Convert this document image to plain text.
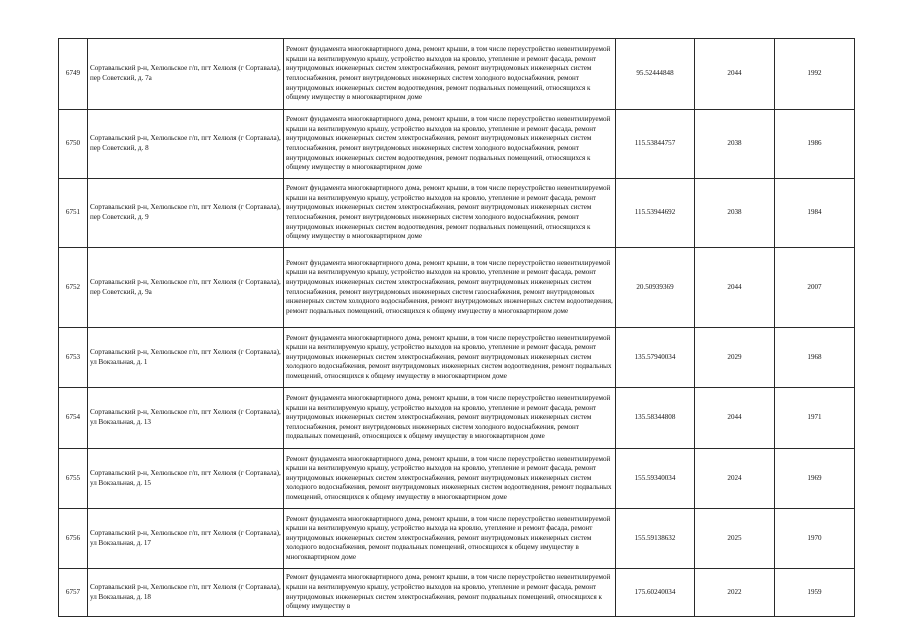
6749	Сортавальский р-н, Хелюльское г/п, пгт Хелюля (г Сортавала), пер Советский, д. 7а	Ремонт фундамента многоквартирного дома, ремонт крыши, в том числе переустройство невентилируемой крыши на вентилируемую крышу, устройство выходов на кровлю, утепление и ремонт фасада, ремонт внутридомовых инженерных систем электроснабжения, ремонт внутридомовых инженерных систем теплоснабжения, ремонт внутридомовых инженерных систем холодного водоснабжения, ремонт внутридомовых инженерных систем водоотведения, ремонт подвальных помещений, относящихся к общему имуществу в многоквартирном доме	95.52444848	2044	1992
6750	Сортавальский р-н, Хелюльское г/п, пгт Хелюля (г Сортавала), пер Советский, д. 8	Ремонт фундамента многоквартирного дома, ремонт крыши, в том числе переустройство невентилируемой крыши на вентилируемую крышу, устройство выходов на кровлю, утепление и ремонт фасада, ремонт внутридомовых инженерных систем электроснабжения, ремонт внутридомовых инженерных систем теплоснабжения, ремонт внутридомовых инженерных систем холодного водоснабжения, ремонт внутридомовых инженерных систем водоотведения, ремонт подвальных помещений, относящихся к общему имуществу в многоквартирном доме	115.53844757	2038	1986
6751	Сортавальский р-н, Хелюльское г/п, пгт Хелюля (г Сортавала), пер Советский, д. 9	Ремонт фундамента многоквартирного дома, ремонт крыши, в том числе переустройство невентилируемой крыши на вентилируемую крышу, устройство выходов на кровлю, утепление и ремонт фасада, ремонт внутридомовых инженерных систем электроснабжения, ремонт внутридомовых инженерных систем теплоснабжения, ремонт внутридомовых инженерных систем холодного водоснабжения, ремонт внутридомовых инженерных систем водоотведения, ремонт подвальных помещений, относящихся к общему имуществу в многоквартирном доме	115.53944692	2038	1984
6752	Сортавальский р-н, Хелюльское г/п, пгт Хелюля (г Сортавала), пер Советский, д. 9а	Ремонт фундамента многоквартирного дома, ремонт крыши, в том числе переустройство невентилируемой крыши на вентилируемую крышу, устройство выходов на кровлю, утепление и ремонт фасада, ремонт внутридомовых инженерных систем электроснабжения, ремонт внутридомовых инженерных систем теплоснабжения, ремонт внутридомовых инженерных систем газоснабжения, ремонт внутридомовых инженерных систем холодного водоснабжения, ремонт внутридомовых инженерных систем водоотведения, ремонт подвальных помещений, относящихся к общему имуществу в многоквартирном доме	20.50939369	2044	2007
6753	Сортавальский р-н, Хелюльское г/п, пгт Хелюля (г Сортавала), ул Вокзальная, д. 1	Ремонт фундамента многоквартирного дома, ремонт крыши, в том числе переустройство невентилируемой крыши на вентилируемую крышу, устройство выходов на кровлю, утепление и ремонт фасада, ремонт внутридомовых инженерных систем электроснабжения, ремонт внутридомовых инженерных систем холодного водоснабжения, ремонт внутридомовых инженерных систем водоотведения, ремонт подвальных помещений, относящихся к общему имуществу в многоквартирном доме	135.57940034	2029	1968
6754	Сортавальский р-н, Хелюльское г/п, пгт Хелюля (г Сортавала), ул Вокзальная, д. 13	Ремонт фундамента многоквартирного дома, ремонт крыши, в том числе переустройство невентилируемой крыши на вентилируемую крышу, устройство выходов на кровлю, утепление и ремонт фасада, ремонт внутридомовых инженерных систем электроснабжения, ремонт внутридомовых инженерных систем теплоснабжения, ремонт внутридомовых инженерных систем холодного водоснабжения, ремонт подвальных помещений, относящихся к общему имуществу в многоквартирном доме	135.58344808	2044	1971
6755	Сортавальский р-н, Хелюльское г/п, пгт Хелюля (г Сортавала), ул Вокзальная, д. 15	Ремонт фундамента многоквартирного дома, ремонт крыши, в том числе переустройство невентилируемой крыши на вентилируемую крышу, устройство выходов на кровлю, утепление и ремонт фасада, ремонт внутридомовых инженерных систем электроснабжения, ремонт внутридомовых инженерных систем холодного водоснабжения, ремонт внутридомовых инженерных систем водоотведения, ремонт подвальных помещений, относящихся к общему имуществу в многоквартирном доме	155.59340034	2024	1969
6756	Сортавальский р-н, Хелюльское г/п, пгт Хелюля (г Сортавала), ул Вокзальная, д. 17	Ремонт фундамента многоквартирного дома, ремонт крыши, в том числе переустройство невентилируемой крыши на вентилируемую крышу, устройство выхода на кровлю, утепление и ремонт фасада, ремонт внутридомовых инженерных систем электроснабжения, ремонт внутридомовых инженерных систем холодного водоснабжения, ремонт подвальных помещений, относящихся к общему имуществу в многоквартирном доме	155.59138632	2025	1970
6757	Сортавальский р-н, Хелюльское г/п, пгт Хелюля (г Сортавала), ул Вокзальная, д. 18	Ремонт фундамента многоквартирного дома, ремонт крыши, в том числе переустройство невентилируемой крыши на вентилируемую крышу, устройство выходов на кровлю, утепление и ремонт фасада, ремонт внутридомовых инженерных систем электроснабжения, ремонт подвальных помещений, относящихся к общему имуществу в	175.60240034	2022	1959
